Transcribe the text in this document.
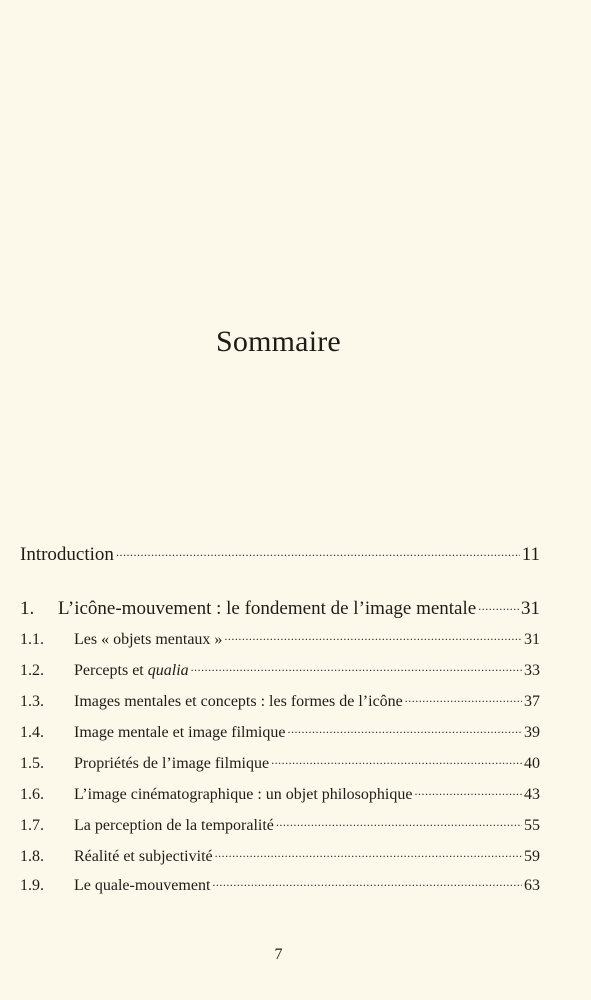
Sommaire
Introduction .....	11
1.	L’icône-mouvement : le fondement de l’image mentale ..... 31
1.1.	Les « objets mentaux » .....	31
1.2.	Percepts et qualia .....	33
1.3.	Images mentales et concepts : les formes de l’icône .....	37
1.4.	Image mentale et image filmique .....	39
1.5.	Propriétés de l’image filmique .....	40
1.6.	L’image cinématographique : un objet philosophique .....	43
1.7.	La perception de la temporalité .....	55
1.8.	Réalité et subjectivité .....	59
1.9.	Le quale-mouvement .....	63
7
